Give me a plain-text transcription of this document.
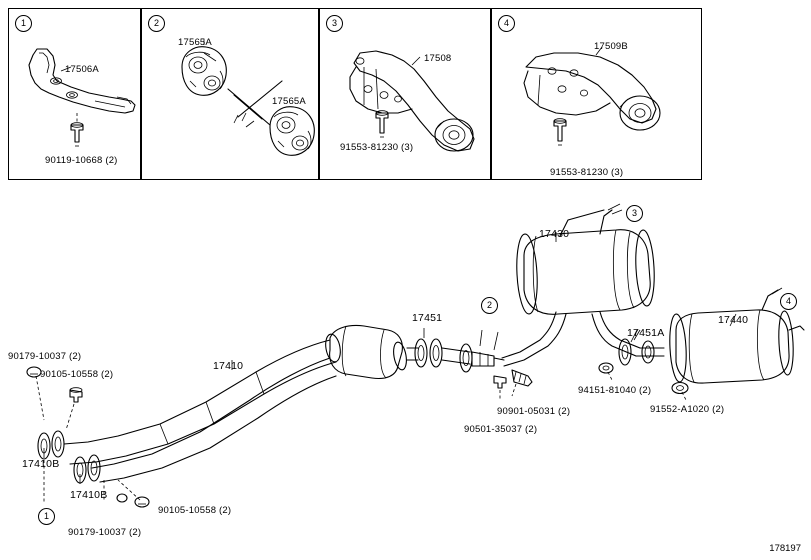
1
17506A
90119-10668 (2)
2
17565A
17565A
3
17508
91553-81230 (3)
4
17509B
91553-81230 (3)
17430
17451
17451A
17440
17410
17410B
17410B
90179-10037 (2)
90105-10558 (2)
90179-10037 (2)
90105-10558 (2)
94151-81040 (2)
91552-A1020 (2)
90901-05031 (2)
90501-35037 (2)
3
2	4
1
178197
